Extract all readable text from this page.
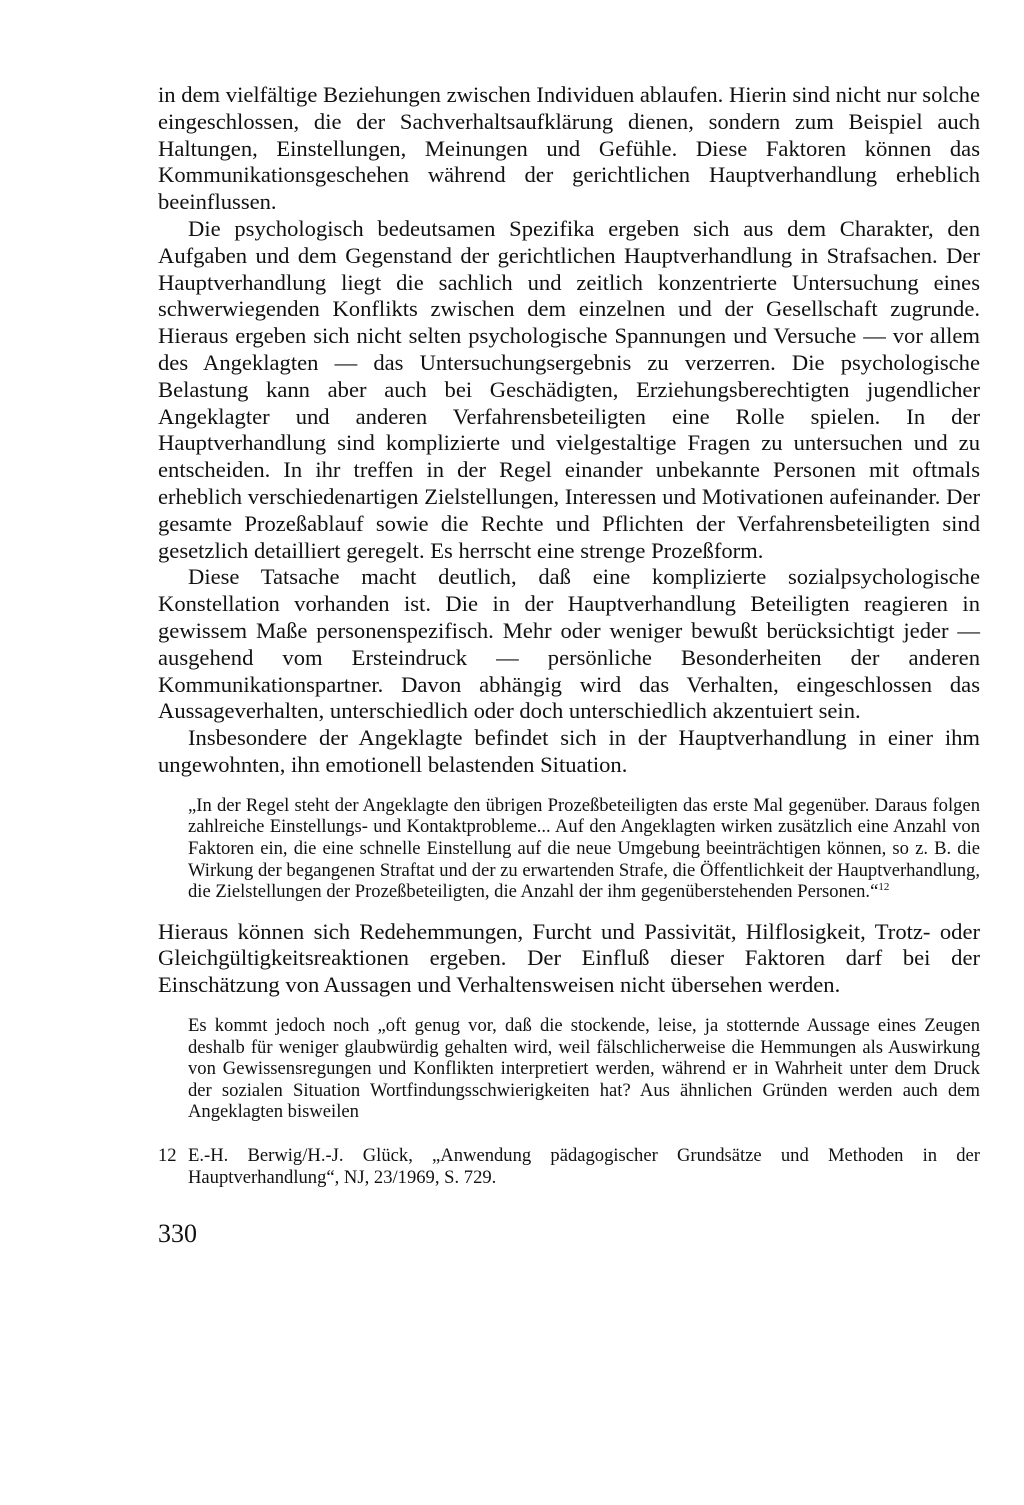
in dem vielfältige Beziehungen zwischen Individuen ablaufen. Hierin sind nicht nur solche eingeschlossen, die der Sachverhaltsaufklärung dienen, sondern zum Beispiel auch Haltungen, Einstellungen, Meinungen und Gefühle. Diese Faktoren können das Kommunikationsgeschehen während der gerichtlichen Hauptverhandlung erheblich beeinflussen.

Die psychologisch bedeutsamen Spezifika ergeben sich aus dem Charakter, den Aufgaben und dem Gegenstand der gerichtlichen Hauptverhandlung in Strafsachen. Der Hauptverhandlung liegt die sachlich und zeitlich konzentrierte Untersuchung eines schwerwiegenden Konflikts zwischen dem einzelnen und der Gesellschaft zugrunde. Hieraus ergeben sich nicht selten psychologische Spannungen und Versuche — vor allem des Angeklagten — das Untersuchungsergebnis zu verzerren. Die psychologische Belastung kann aber auch bei Geschädigten, Erziehungsberechtigten jugendlicher Angeklagter und anderen Verfahrensbeteiligten eine Rolle spielen. In der Hauptverhandlung sind komplizierte und vielgestaltige Fragen zu untersuchen und zu entscheiden. In ihr treffen in der Regel einander unbekannte Personen mit oftmals erheblich verschiedenartigen Zielstellungen, Interessen und Motivationen aufeinander. Der gesamte Prozeßablauf sowie die Rechte und Pflichten der Verfahrensbeteiligten sind gesetzlich detailliert geregelt. Es herrscht eine strenge Prozeßform.

Diese Tatsache macht deutlich, daß eine komplizierte sozialpsychologische Konstellation vorhanden ist. Die in der Hauptverhandlung Beteiligten reagieren in gewissem Maße personenspezifisch. Mehr oder weniger bewußt berücksichtigt jeder — ausgehend vom Ersteindruck — persönliche Besonderheiten der anderen Kommunikationspartner. Davon abhängig wird das Verhalten, eingeschlossen das Aussageverhalten, unterschiedlich oder doch unterschiedlich akzentuiert sein.

Insbesondere der Angeklagte befindet sich in der Hauptverhandlung in einer ihm ungewohnten, ihn emotionell belastenden Situation.

„In der Regel steht der Angeklagte den übrigen Prozeßbeteiligten das erste Mal gegenüber. Daraus folgen zahlreiche Einstellungs- und Kontaktprobleme... Auf den Angeklagten wirken zusätzlich eine Anzahl von Faktoren ein, die eine schnelle Einstellung auf die neue Umgebung beeinträchtigen können, so z. B. die Wirkung der begangenen Straftat und der zu erwartenden Strafe, die Öffentlichkeit der Hauptverhandlung, die Zielstellungen der Prozeßbeteiligten, die Anzahl der ihm gegenüberstehenden Personen.“$^{12}$

Hieraus können sich Redehemmungen, Furcht und Passivität, Hilflosigkeit, Trotz- oder Gleichgültigkeitsreaktionen ergeben. Der Einfluß dieser Faktoren darf bei der Einschätzung von Aussagen und Verhaltensweisen nicht übersehen werden.

Es kommt jedoch noch „oft genug vor, daß die stockende, leise, ja stotternde Aussage eines Zeugen deshalb für weniger glaubwürdig gehalten wird, weil fälschlicherweise die Hemmungen als Auswirkung von Gewissensregungen und Konflikten interpretiert werden, während er in Wahrheit unter dem Druck der sozialen Situation Wortfindungsschwierigkeiten hat? Aus ähnlichen Gründen werden auch dem Angeklagten bisweilen
12 E.-H. Berwig/H.-J. Glück, „Anwendung pädagogischer Grundsätze und Methoden in der Hauptverhandlung“, NJ, 23/1969, S. 729.
330
